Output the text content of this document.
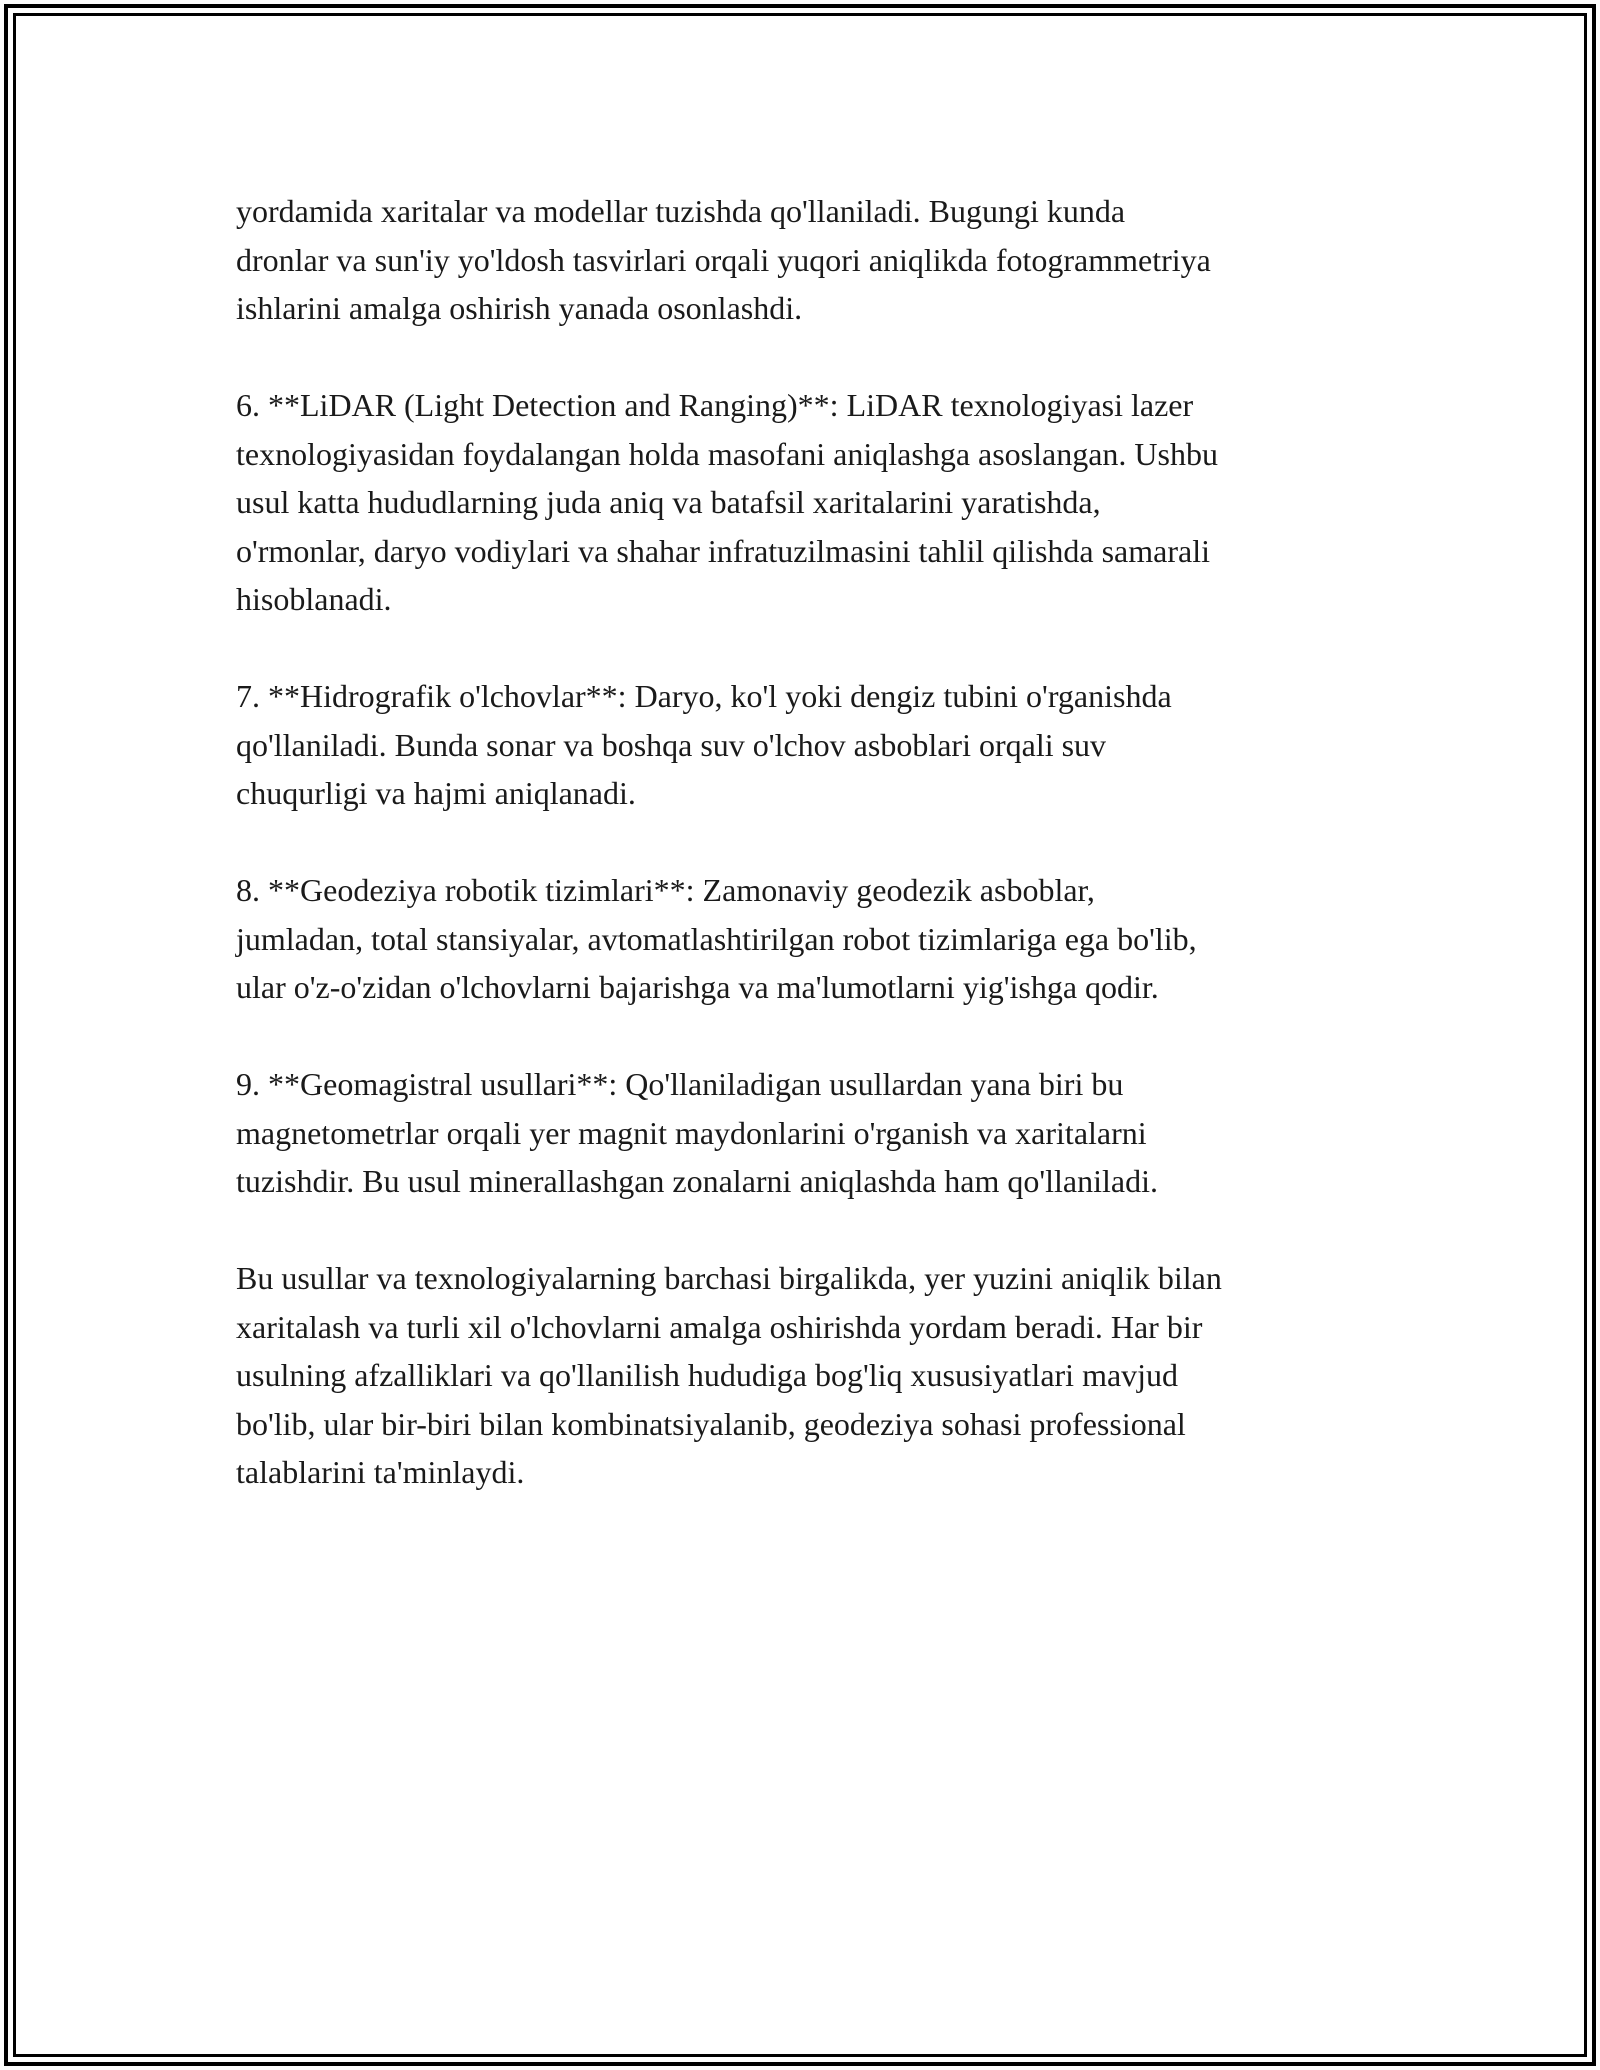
yordamida xaritalar va modellar tuzishda qo'llaniladi. Bugungi kunda
dronlar va sun'iy yo'ldosh tasvirlari orqali yuqori aniqlikda fotogrammetriya
ishlarini amalga oshirish yanada osonlashdi.

6. **LiDAR (Light Detection and Ranging)**: LiDAR texnologiyasi lazer
texnologiyasidan foydalangan holda masofani aniqlashga asoslangan. Ushbu
usul katta hududlarning juda aniq va batafsil xaritalarini yaratishda,
o'rmonlar, daryo vodiylari va shahar infratuzilmasini tahlil qilishda samarali
hisoblanadi.

7. **Hidrografik o'lchovlar**: Daryo, ko'l yoki dengiz tubini o'rganishda
qo'llaniladi. Bunda sonar va boshqa suv o'lchov asboblari orqali suv
chuqurligi va hajmi aniqlanadi.

8. **Geodeziya robotik tizimlari**: Zamonaviy geodezik asboblar,
jumladan, total stansiyalar, avtomatlashtirilgan robot tizimlariga ega bo'lib,
ular o'z-o'zidan o'lchovlarni bajarishga va ma'lumotlarni yig'ishga qodir.

9. **Geomagistral usullari**: Qo'llaniladigan usullardan yana biri bu
magnetometrlar orqali yer magnit maydonlarini o'rganish va xaritalarni
tuzishdir. Bu usul minerallashgan zonalarni aniqlashda ham qo'llaniladi.

Bu usullar va texnologiyalarning barchasi birgalikda, yer yuzini aniqlik bilan
xaritalash va turli xil o'lchovlarni amalga oshirishda yordam beradi. Har bir
usulning afzalliklari va qo'llanilish hududiga bog'liq xususiyatlari mavjud
bo'lib, ular bir-biri bilan kombinatsiyalanib, geodeziya sohasi professional
talablarini ta'minlaydi.
